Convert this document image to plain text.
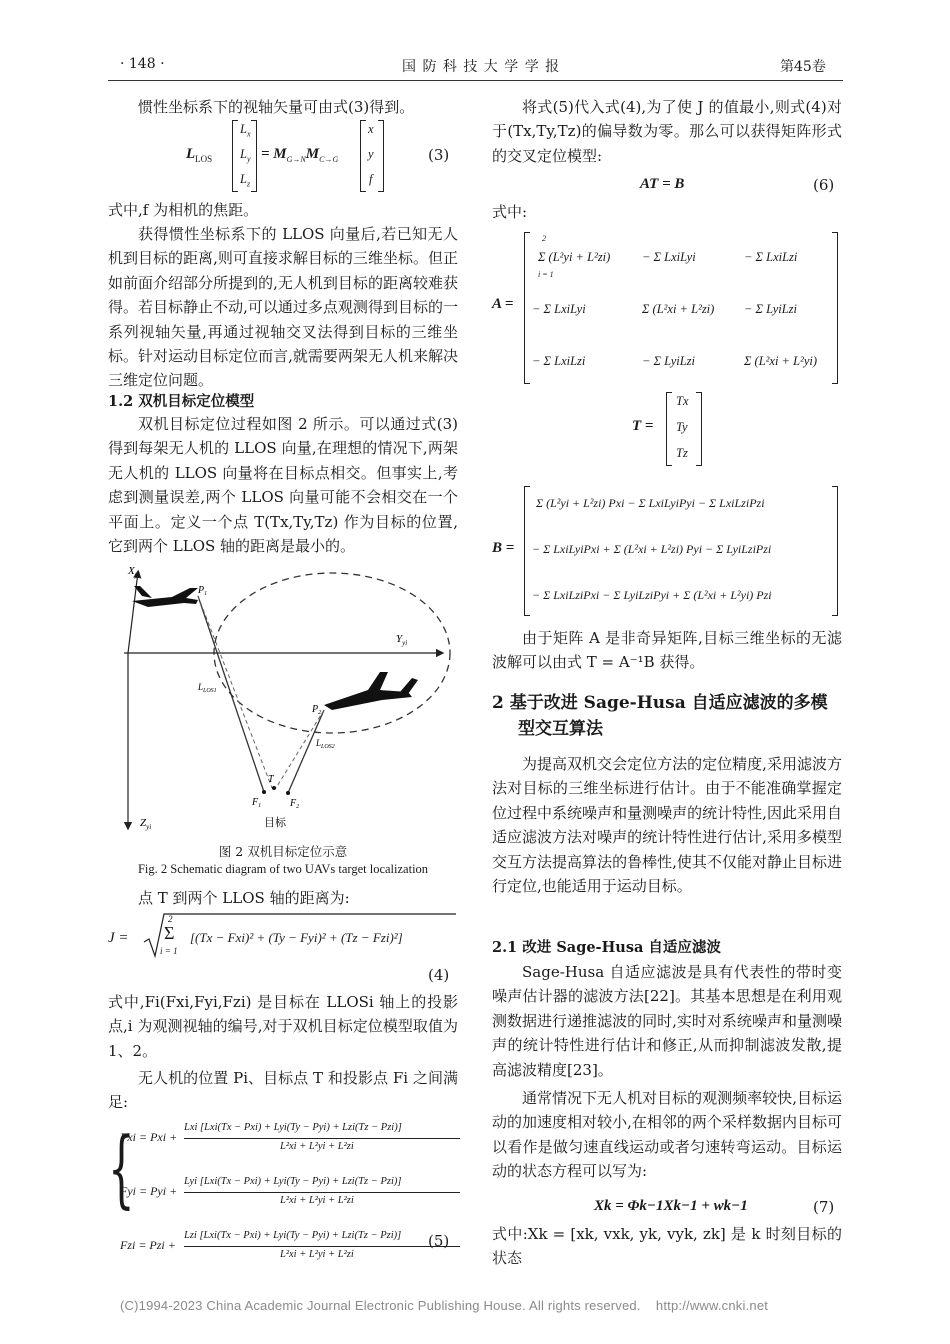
· 148 ·	国 防 科 技 大 学 学 报	第45卷

惯性坐标系下的视轴矢量可由式(3)得到。

$L_{LOS}$
$L_x$
$L_y$
$L_z$
= $M_{G\to N}M_{C\to G}$
x
y
f
(3)

式中,f 为相机的焦距。

获得惯性坐标系下的 LLOS 向量后,若已知无人机到目标的距离,则可直接求解目标的三维坐标。但正如前面介绍部分所提到的,无人机到目标的距离较难获得。若目标静止不动,可以通过多点观测得到目标的一系列视轴矢量,再通过视轴交叉法得到目标的三维坐标。针对运动目标定位而言,就需要两架无人机来解决三维定位问题。

1.2 双机目标定位模型

双机目标定位过程如图 2 所示。可以通过式(3)得到每架无人机的 LLOS 向量,在理想的情况下,两架无人机的 LLOS 向量将在目标点相交。但事实上,考虑到测量误差,两个 LLOS 向量可能不会相交在一个平面上。定义一个点 T(Tx,Ty,Tz) 作为目标的位置,它到两个 LLOS 轴的距离是最小的。

$X_{yi}$
$Y_{yi}$
$Z_{yi}$
$P_1$
$P_2$
$L_{LOS1}$
$L_{LOS2}$
$F_1$
T
$F_2$
目标
图 2 双机目标定位示意
Fig. 2 Schematic diagram of two UAVs target localization

点 T 到两个 LLOS 轴的距离为:

J =
2
Σ
i = 1
[(Tx − Fxi)² + (Ty − Fyi)² + (Tz − Fzi)²]
(4)

式中,Fi(Fxi,Fyi,Fzi) 是目标在 LLOSi 轴上的投影点,i 为观测视轴的编号,对于双机目标定位模型取值为 1、2。

无人机的位置 Pi、目标点 T 和投影点 Fi 之间满足:

{
Fxi = Pxi +
Lxi [Lxi(Tx − Pxi) + Lyi(Ty − Pyi) + Lzi(Tz − Pzi)]
L²xi + L²yi + L²zi
Fyi = Pyi +
Lyi [Lxi(Tx − Pxi) + Lyi(Ty − Pyi) + Lzi(Tz − Pzi)]
L²xi + L²yi + L²zi
Fzi = Pzi +
Lzi [Lxi(Tx − Pxi) + Lyi(Ty − Pyi) + Lzi(Tz − Pzi)]
L²xi + L²yi + L²zi
(5)

将式(5)代入式(4),为了使 J 的值最小,则式(4)对于(Tx,Ty,Tz)的偏导数为零。那么可以获得矩阵形式的交叉定位模型:

AT = B	(6)

式中:

A =
Σ (L²yi + L²zi)	− Σ LxiLyi	− Σ LxiLzi
− Σ LxiLyi	Σ (L²xi + L²zi) − Σ LyiLzi
− Σ LxiLzi	− Σ LyiLzi	Σ (L²xi + L²yi)
2
i = 1
T =
Tx
Ty
Tz
B =
Σ (L²yi + L²zi) Pxi − Σ LxiLyiPyi − Σ LxiLziPzi
− Σ LxiLyiPxi + Σ (L²xi + L²zi) Pyi − Σ LyiLziPzi
− Σ LxiLziPxi − Σ LyiLziPyi + Σ (L²xi + L²yi) Pzi

由于矩阵 A 是非奇异矩阵,目标三维坐标的无滤波解可以由式 T = A⁻¹B 获得。

2 基于改进 Sage-Husa 自适应滤波的多模型交互算法

为提高双机交会定位方法的定位精度,采用滤波方法对目标的三维坐标进行估计。由于不能准确掌握定位过程中系统噪声和量测噪声的统计特性,因此采用自适应滤波方法对噪声的统计特性进行估计,采用多模型交互方法提高算法的鲁棒性,使其不仅能对静止目标进行定位,也能适用于运动目标。

2.1 改进 Sage-Husa 自适应滤波

Sage-Husa 自适应滤波是具有代表性的带时变噪声估计器的滤波方法[22]。其基本思想是在利用观测数据进行递推滤波的同时,实时对系统噪声和量测噪声的统计特性进行估计和修正,从而抑制滤波发散,提高滤波精度[23]。

通常情况下无人机对目标的观测频率较快,目标运动的加速度相对较小,在相邻的两个采样数据内目标可以看作是做匀速直线运动或者匀速转弯运动。目标运动的状态方程可以写为:

Xk = Φk−1Xk−1 + wk−1	(7)

式中:Xk = [xk, vxk, yk, vyk, zk] 是 k 时刻目标的状态

(C)1994-2023 China Academic Journal Electronic Publishing House. All rights reserved.    http://www.cnki.net
